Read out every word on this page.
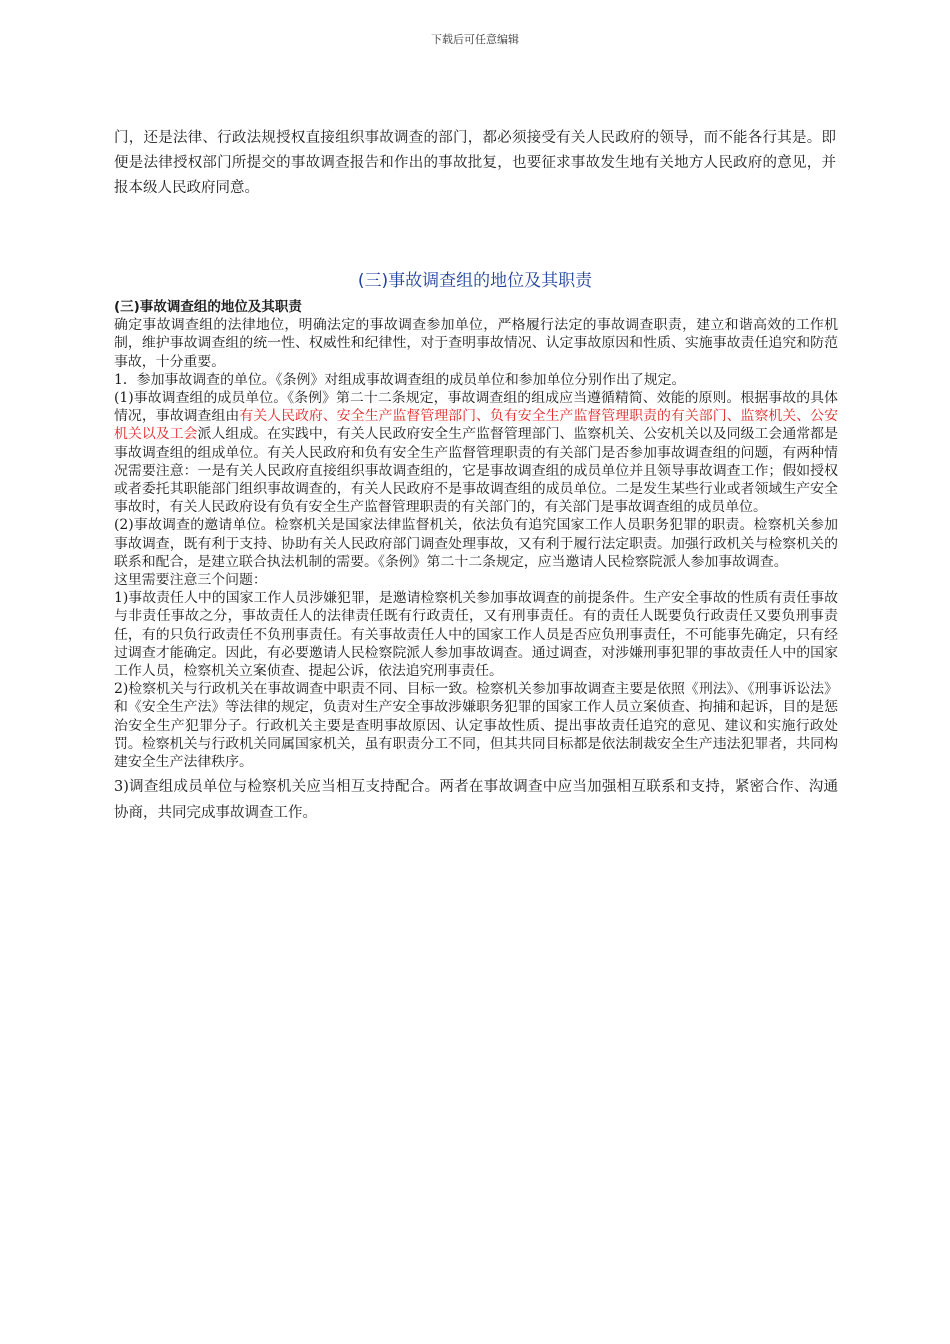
下载后可任意编辑

门，还是法律、行政法规授权直接组织事故调查的部门，都必须接受有关人民政府的领导，而不能各行其是。即便是法律授权部门所提交的事故调查报告和作出的事故批复，也要征求事故发生地有关地方人民政府的意见，并报本级人民政府同意。

(三)事故调查组的地位及其职责

(三)事故调查组的地位及其职责

确定事故调查组的法律地位，明确法定的事故调查参加单位，严格履行法定的事故调查职责，建立和谐高效的工作机制，维护事故调查组的统一性、权威性和纪律性，对于查明事故情况、认定事故原因和性质、实施事故责任追究和防范事故，十分重要。

1．参加事故调查的单位。《条例》对组成事故调查组的成员单位和参加单位分别作出了规定。

(1)事故调查组的成员单位。《条例》第二十二条规定，事故调查组的组成应当遵循精简、效能的原则。根据事故的具体情况，事故调查组由有关人民政府、安全生产监督管理部门、负有安全生产监督管理职责的有关部门、监察机关、公安机关以及工会派人组成。在实践中，有关人民政府安全生产监督管理部门、监察机关、公安机关以及同级工会通常都是事故调查组的组成单位。有关人民政府和负有安全生产监督管理职责的有关部门是否参加事故调查组的问题，有两种情况需要注意：一是有关人民政府直接组织事故调查组的，它是事故调查组的成员单位并且领导事故调查工作；假如授权或者委托其职能部门组织事故调查的，有关人民政府不是事故调查组的成员单位。二是发生某些行业或者领域生产安全事故时，有关人民政府设有负有安全生产监督管理职责的有关部门的，有关部门是事故调查组的成员单位。

(2)事故调查的邀请单位。检察机关是国家法律监督机关，依法负有追究国家工作人员职务犯罪的职责。检察机关参加事故调查，既有利于支持、协助有关人民政府部门调查处理事故，又有利于履行法定职责。加强行政机关与检察机关的联系和配合，是建立联合执法机制的需要。《条例》第二十二条规定，应当邀请人民检察院派人参加事故调查。

这里需要注意三个问题：

1)事故责任人中的国家工作人员涉嫌犯罪，是邀请检察机关参加事故调查的前提条件。生产安全事故的性质有责任事故与非责任事故之分，事故责任人的法律责任既有行政责任，又有刑事责任。有的责任人既要负行政责任又要负刑事责任，有的只负行政责任不负刑事责任。有关事故责任人中的国家工作人员是否应负刑事责任，不可能事先确定，只有经过调查才能确定。因此，有必要邀请人民检察院派人参加事故调查。通过调查，对涉嫌刑事犯罪的事故责任人中的国家工作人员，检察机关立案侦查、提起公诉，依法追究刑事责任。

2)检察机关与行政机关在事故调查中职责不同、目标一致。检察机关参加事故调查主要是依照《刑法》、《刑事诉讼法》和《安全生产法》等法律的规定，负责对生产安全事故涉嫌职务犯罪的国家工作人员立案侦查、拘捕和起诉，目的是惩治安全生产犯罪分子。行政机关主要是查明事故原因、认定事故性质、提出事故责任追究的意见、建议和实施行政处罚。检察机关与行政机关同属国家机关，虽有职责分工不同，但其共同目标都是依法制裁安全生产违法犯罪者，共同构建安全生产法律秩序。

3)调查组成员单位与检察机关应当相互支持配合。两者在事故调查中应当加强相互联系和支持，紧密合作、沟通协商，共同完成事故调查工作。
